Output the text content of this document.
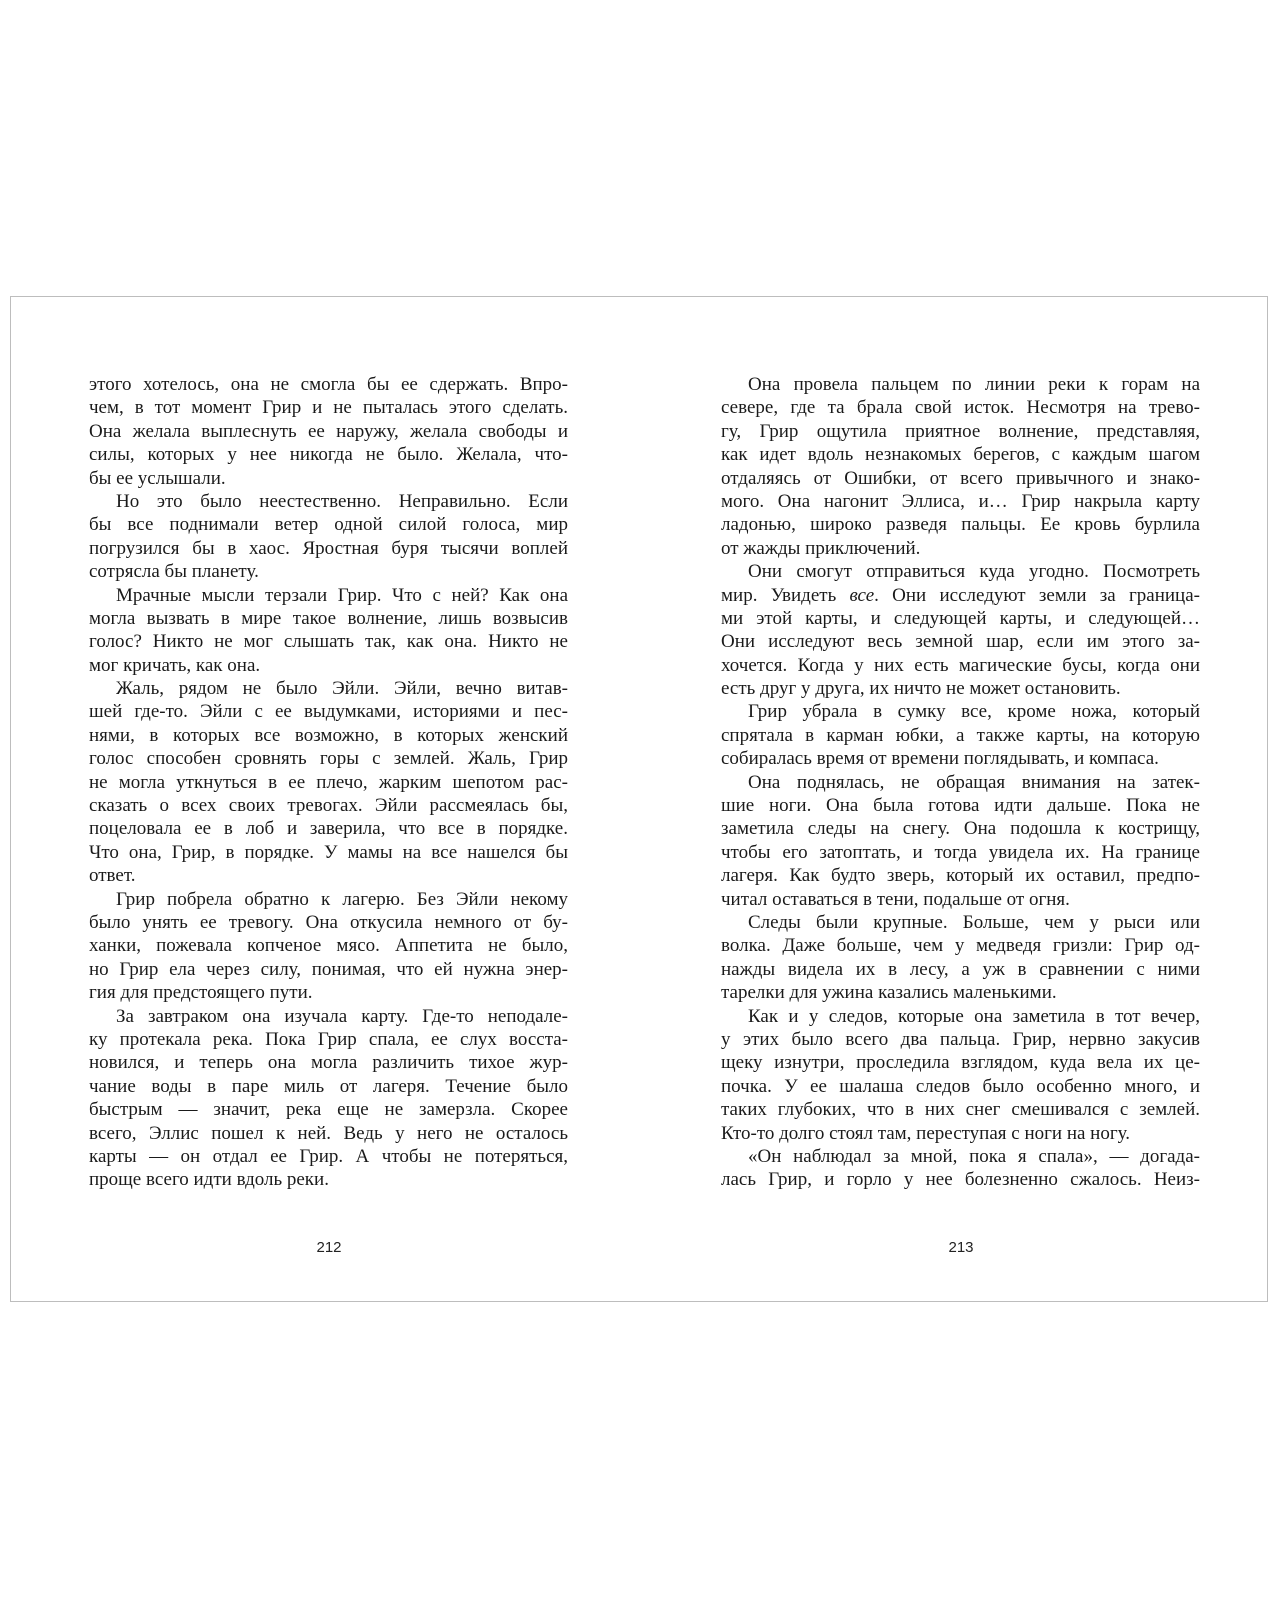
этого хотелось, она не смогла бы ее сдержать. Впро-
чем, в тот момент Грир и не пыталась этого сделать.
Она желала выплеснуть ее наружу, желала свободы и
силы, которых у нее никогда не было. Желала, что-
бы ее услышали.
Но это было неестественно. Неправильно. Если
бы все поднимали ветер одной силой голоса, мир
погрузился бы в хаос. Яростная буря тысячи воплей
сотрясла бы планету.
Мрачные мысли терзали Грир. Что с ней? Как она
могла вызвать в мире такое волнение, лишь возвысив
голос? Никто не мог слышать так, как она. Никто не
мог кричать, как она.
Жаль, рядом не было Эйли. Эйли, вечно витав-
шей где-то. Эйли с ее выдумками, историями и пес-
нями, в которых все возможно, в которых женский
голос способен сровнять горы с землей. Жаль, Грир
не могла уткнуться в ее плечо, жарким шепотом рас-
сказать о всех своих тревогах. Эйли рассмеялась бы,
поцеловала ее в лоб и заверила, что все в порядке.
Что она, Грир, в порядке. У мамы на все нашелся бы
ответ.
Грир побрела обратно к лагерю. Без Эйли некому
было унять ее тревогу. Она откусила немного от бу-
ханки, пожевала копченое мясо. Аппетита не было,
но Грир ела через силу, понимая, что ей нужна энер-
гия для предстоящего пути.
За завтраком она изучала карту. Где-то неподале-
ку протекала река. Пока Грир спала, ее слух восста-
новился, и теперь она могла различить тихое жур-
чание воды в паре миль от лагеря. Течение было
быстрым — значит, река еще не замерзла. Скорее
всего, Эллис пошел к ней. Ведь у него не осталось
карты — он отдал ее Грир. А чтобы не потеряться,
проще всего идти вдоль реки.
Она провела пальцем по линии реки к горам на
севере, где та брала свой исток. Несмотря на трево-
гу, Грир ощутила приятное волнение, представляя,
как идет вдоль незнакомых берегов, с каждым шагом
отдаляясь от Ошибки, от всего привычного и знако-
мого. Она нагонит Эллиса, и… Грир накрыла карту
ладонью, широко разведя пальцы. Ее кровь бурлила
от жажды приключений.
Они смогут отправиться куда угодно. Посмотреть
мир. Увидеть все. Они исследуют земли за граница-
ми этой карты, и следующей карты, и следующей…
Они исследуют весь земной шар, если им этого за-
хочется. Когда у них есть магические бусы, когда они
есть друг у друга, их ничто не может остановить.
Грир убрала в сумку все, кроме ножа, который
спрятала в карман юбки, а также карты, на которую
собиралась время от времени поглядывать, и компаса.
Она поднялась, не обращая внимания на затек-
шие ноги. Она была готова идти дальше. Пока не
заметила следы на снегу. Она подошла к кострищу,
чтобы его затоптать, и тогда увидела их. На границе
лагеря. Как будто зверь, который их оставил, предпо-
читал оставаться в тени, подальше от огня.
Следы были крупные. Больше, чем у рыси или
волка. Даже больше, чем у медведя гризли: Грир од-
нажды видела их в лесу, а уж в сравнении с ними
тарелки для ужина казались маленькими.
Как и у следов, которые она заметила в тот вечер,
у этих было всего два пальца. Грир, нервно закусив
щеку изнутри, проследила взглядом, куда вела их це-
почка. У ее шалаша следов было особенно много, и
таких глубоких, что в них снег смешивался с землей.
Кто-то долго стоял там, переступая с ноги на ногу.
«Он наблюдал за мной, пока я спала», — догада-
лась Грир, и горло у нее болезненно сжалось. Неиз-
212	213
